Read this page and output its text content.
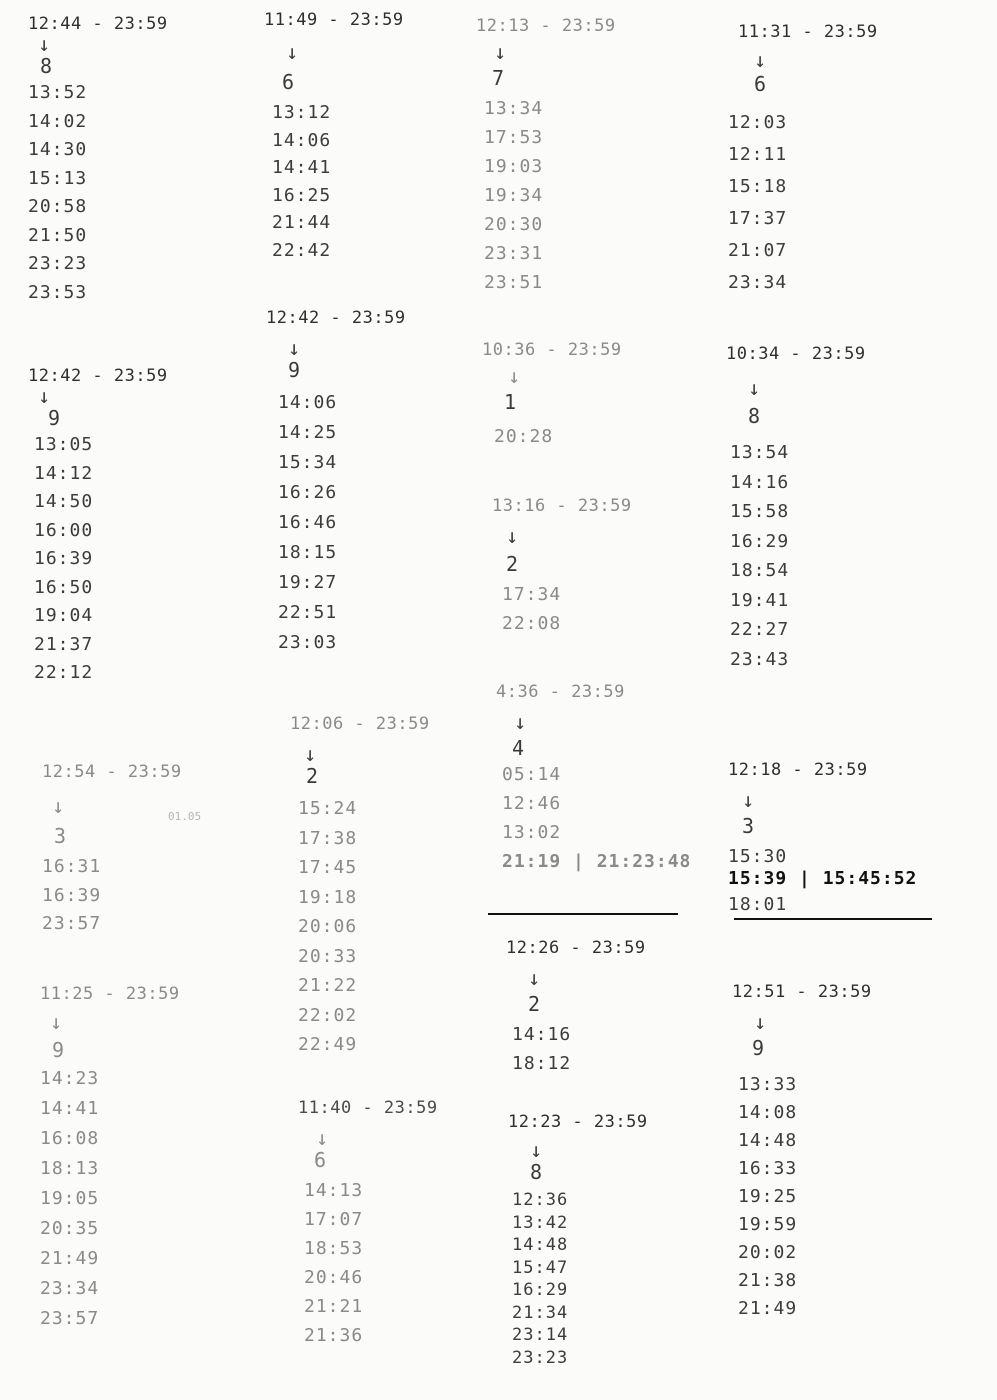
12:44 - 23:59
↓
8
13:52
14:02
14:30
15:13
20:58
21:50
23:23
23:53
12:42 - 23:59
↓
9
13:05
14:12
14:50
16:00
16:39
16:50
19:04
21:37
22:12
12:54 - 23:59
↓
3
16:31
16:39
23:57
11:25 - 23:59
↓
9
14:23
14:41
16:08
18:13
19:05
20:35
21:49
23:34
23:57
01.05
11:49 - 23:59
↓
6
13:12
14:06
14:41
16:25
21:44
22:42
12:42 - 23:59
↓
9
14:06
14:25
15:34
16:26
16:46
18:15
19:27
22:51
23:03
12:06 - 23:59
↓
2
15:24
17:38
17:45
19:18
20:06
20:33
21:22
22:02
22:49
11:40 - 23:59
↓
6
14:13
17:07
18:53
20:46
21:21
21:36
12:13 - 23:59
↓
7
13:34
17:53
19:03
19:34
20:30
23:31
23:51
10:36 - 23:59
↓
1
20:28
13:16 - 23:59
↓
2
17:34
22:08
4:36 - 23:59
↓
4
05:14
12:46
13:02
21:19 | 21:23:48
12:26 - 23:59
↓
2
14:16
18:12
12:23 - 23:59
↓
8
12:36
13:42
14:48
15:47
16:29
21:34
23:14
23:23
11:31 - 23:59
↓
6
12:03
12:11
15:18
17:37
21:07
23:34
10:34 - 23:59
↓
8
13:54
14:16
15:58
16:29
18:54
19:41
22:27
23:43
12:18 - 23:59
↓
3
15:30
15:39 | 15:45:52
18:01
12:51 - 23:59
↓
9
13:33
14:08
14:48
16:33
19:25
19:59
20:02
21:38
21:49
